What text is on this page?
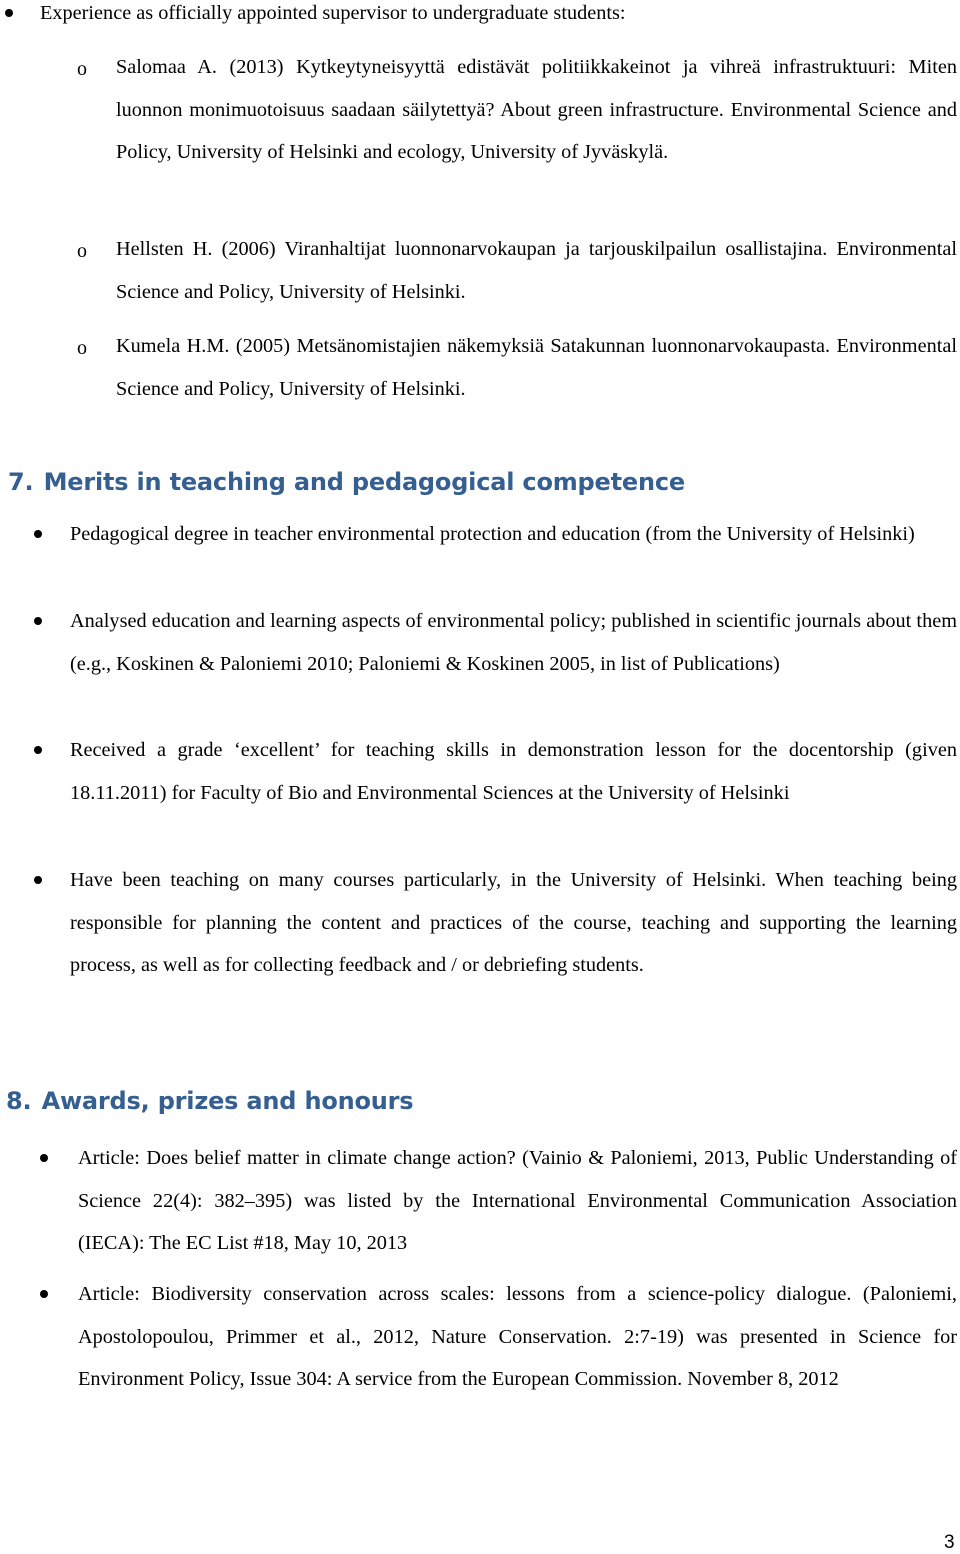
Experience as officially appointed supervisor to undergraduate students:
o Salomaa A. (2013) Kytkeytyneisyyttä edistävät politiikkakeinot ja vihreä infrastruktuuri: Miten luonnon monimuotoisuus saadaan säilytettyä? About green infrastructure. Environmental Science and Policy, University of Helsinki and ecology, University of Jyväskylä.
o Hellsten H. (2006) Viranhaltijat luonnonarvokaupan ja tarjouskilpailun osallistajina. Environmental Science and Policy, University of Helsinki.
o Kumela H.M. (2005) Metsänomistajien näkemyksiä Satakunnan luonnonarvokaupasta. Environmental Science and Policy, University of Helsinki.
7. Merits in teaching and pedagogical competence
Pedagogical degree in teacher environmental protection and education (from the University of Helsinki)
Analysed education and learning aspects of environmental policy; published in scientific journals about them (e.g., Koskinen & Paloniemi 2010; Paloniemi & Koskinen 2005, in list of Publications)
Received a grade ‘excellent’ for teaching skills in demonstration lesson for the docentorship (given 18.11.2011) for Faculty of Bio and Environmental Sciences at the University of Helsinki
Have been teaching on many courses particularly, in the University of Helsinki. When teaching being responsible for planning the content and practices of the course, teaching and supporting the learning process, as well as for collecting feedback and / or debriefing students.
8. Awards, prizes and honours
Article: Does belief matter in climate change action? (Vainio & Paloniemi, 2013, Public Understanding of Science 22(4): 382–395) was listed by the International Environmental Communication Association (IECA): The EC List #18, May 10, 2013
Article: Biodiversity conservation across scales: lessons from a science-policy dialogue. (Paloniemi, Apostolopoulou, Primmer et al., 2012, Nature Conservation. 2:7-19) was presented in Science for Environment Policy, Issue 304: A service from the European Commission. November 8, 2012
3
